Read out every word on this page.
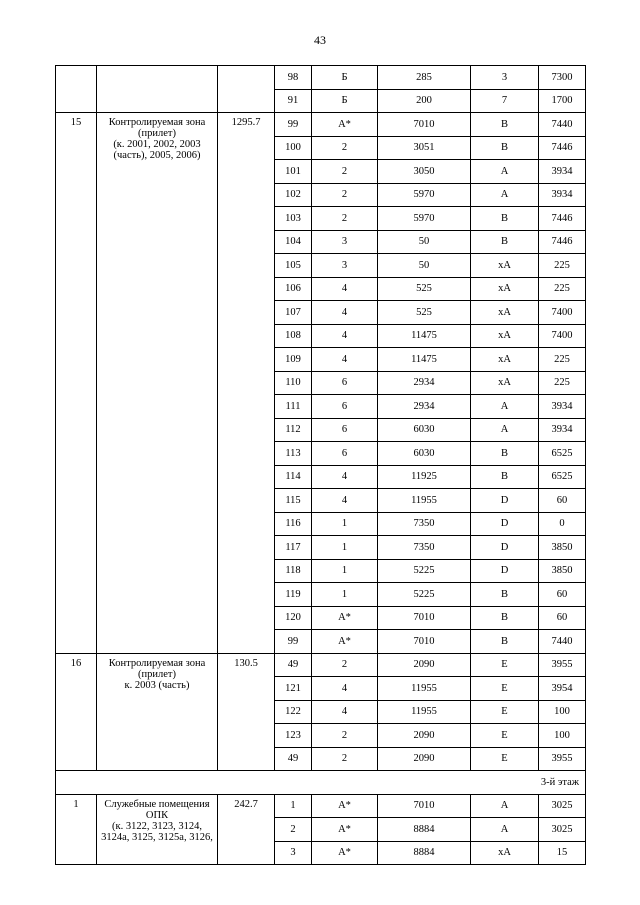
43
			98	Б	285	3	7300
			91	Б	200	7	1700
15	Контролируемая зона
(прилет)
(к. 2001, 2002, 2003
(часть), 2005, 2006)	1295.7	99	А*	7010	В	7440
			100	2	3051	В	7446
			101	2	3050	А	3934
			102	2	5970	А	3934
			103	2	5970	В	7446
			104	3	50	В	7446
			105	3	50	хА	225
			106	4	525	хА	225
			107	4	525	хА	7400
			108	4	11475	хА	7400
			109	4	11475	хА	225
			110	6	2934	хА	225
			111	6	2934	А	3934
			112	6	6030	А	3934
			113	6	6030	В	6525
			114	4	11925	В	6525
			115	4	11955	D	60
			116	1	7350	D	0
			117	1	7350	D	3850
			118	1	5225	D	3850
			119	1	5225	В	60
			120	А*	7010	В	60
			99	А*	7010	В	7440
16	Контролируемая зона
(прилет)
к. 2003 (часть)	130.5	49	2	2090	Е	3955
			121	4	11955	Е	3954
			122	4	11955	Е	100
			123	2	2090	Е	100
			49	2	2090	Е	3955
3-й этаж							
1	Служебные помещения
ОПК
(к. 3122, 3123, 3124,
3124а, 3125, 3125а, 3126,	242.7	1	А*	7010	А	3025
			2	А*	8884	А	3025
			3	А*	8884	хА	15
